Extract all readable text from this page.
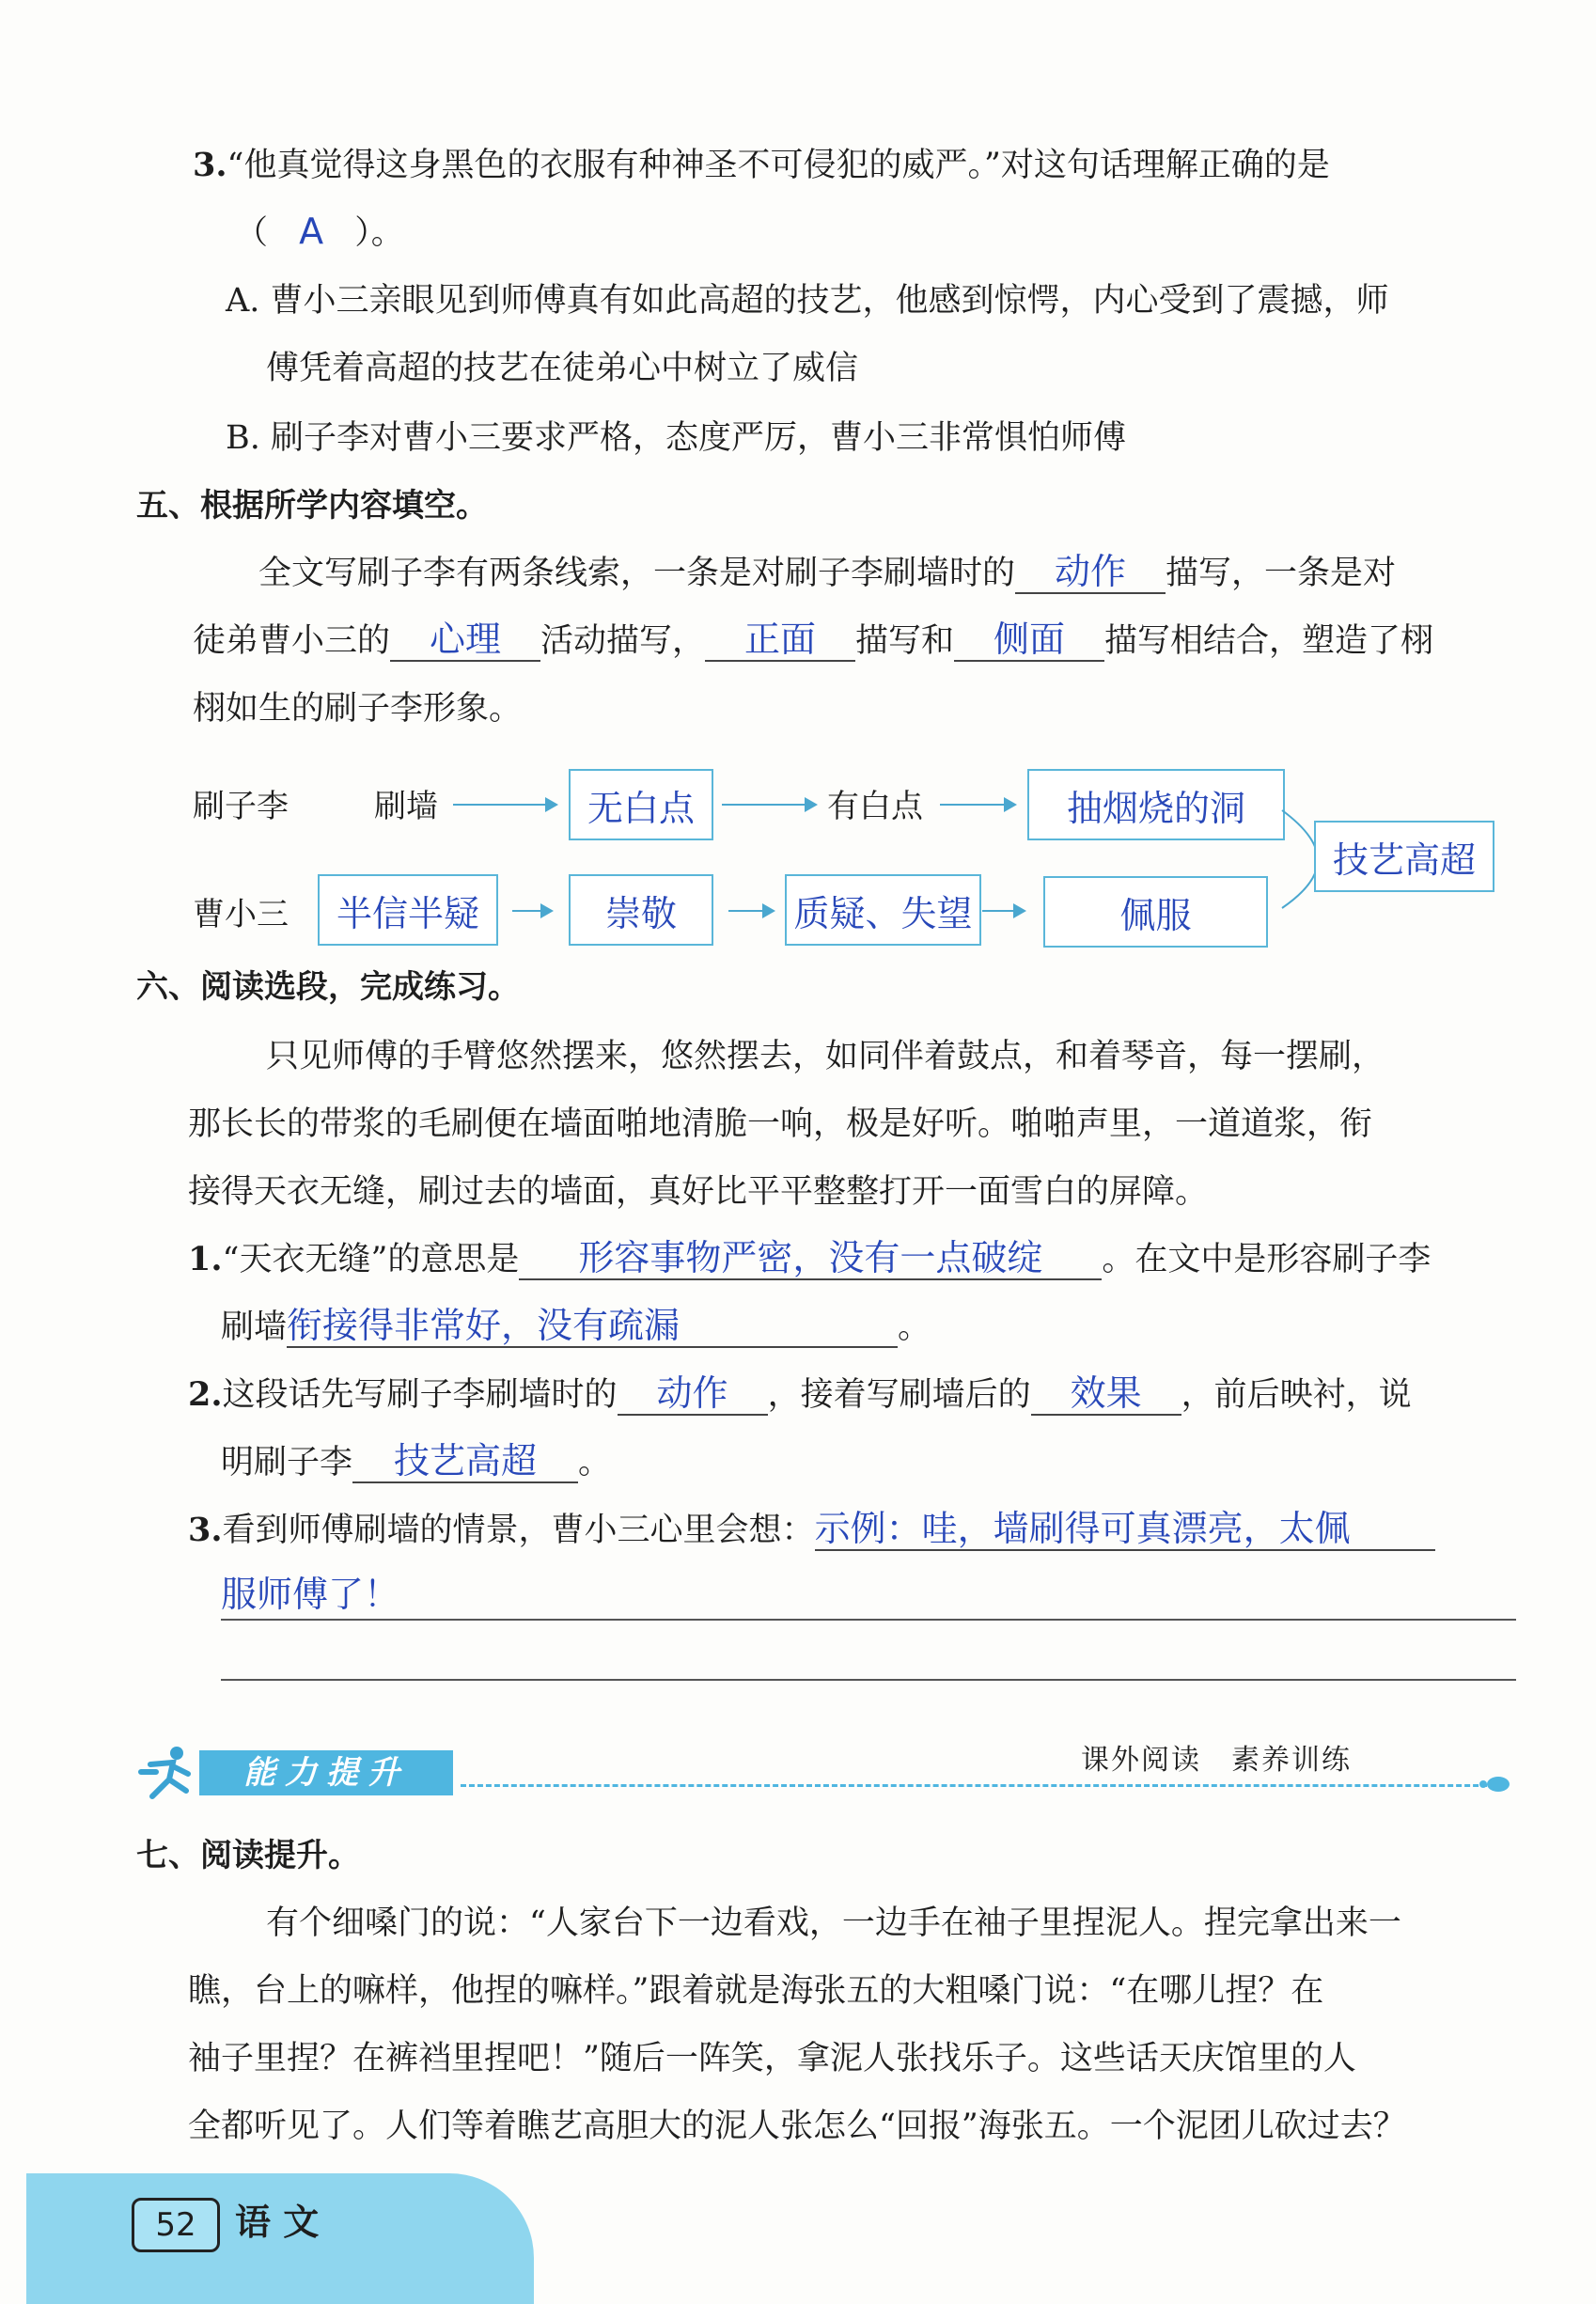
3.“他真觉得这身黑色的衣服有种神圣不可侵犯的威严。”对这句话理解正确的是
（ A ）。
A. 曹小三亲眼见到师傅真有如此高超的技艺，他感到惊愕，内心受到了震撼，师
傅凭着高超的技艺在徒弟心中树立了威信
B. 刷子李对曹小三要求严格，态度严厉，曹小三非常惧怕师傅
五、根据所学内容填空。
全文写刷子李有两条线索，一条是对刷子李刷墙时的 动作 描写，一条是对
徒弟曹小三的 心理 活动描写， 正面 描写和 侧面 描写相结合，塑造了栩
栩如生的刷子李形象。
刷子李	刷墙	无白点	有白点	抽烟烧的洞
曹小三	半信半疑	崇敬	质疑、失望	佩服
技艺高超
六、阅读选段，完成练习。
只见师傅的手臂悠然摆来，悠然摆去，如同伴着鼓点，和着琴音，每一摆刷，
那长长的带浆的毛刷便在墙面啪地清脆一响，极是好听。啪啪声里，一道道浆，衔
接得天衣无缝，刷过去的墙面，真好比平平整整打开一面雪白的屏障。
1.“天衣无缝”的意思是 形容事物严密，没有一点破绽 。在文中是形容刷子李
刷墙衔接得非常好，没有疏漏	。
2.这段话先写刷子李刷墙时的 动作 ，接着写刷墙后的 效果 ，前后映衬，说
明刷子李 技艺高超 。
3.看到师傅刷墙的情景，曹小三心里会想：示例：哇，墙刷得可真漂亮，太佩
服师傅了！
能力提升	课外阅读　素养训练
七、阅读提升。
有个细嗓门的说：“人家台下一边看戏，一边手在袖子里捏泥人。捏完拿出来一
瞧，台上的嘛样，他捏的嘛样。”跟着就是海张五的大粗嗓门说：“在哪儿捏？在
袖子里捏？在裤裆里捏吧！”随后一阵笑，拿泥人张找乐子。这些话天庆馆里的人
全都听见了。人们等着瞧艺高胆大的泥人张怎么“回报”海张五。一个泥团儿砍过去？
52	语 文
